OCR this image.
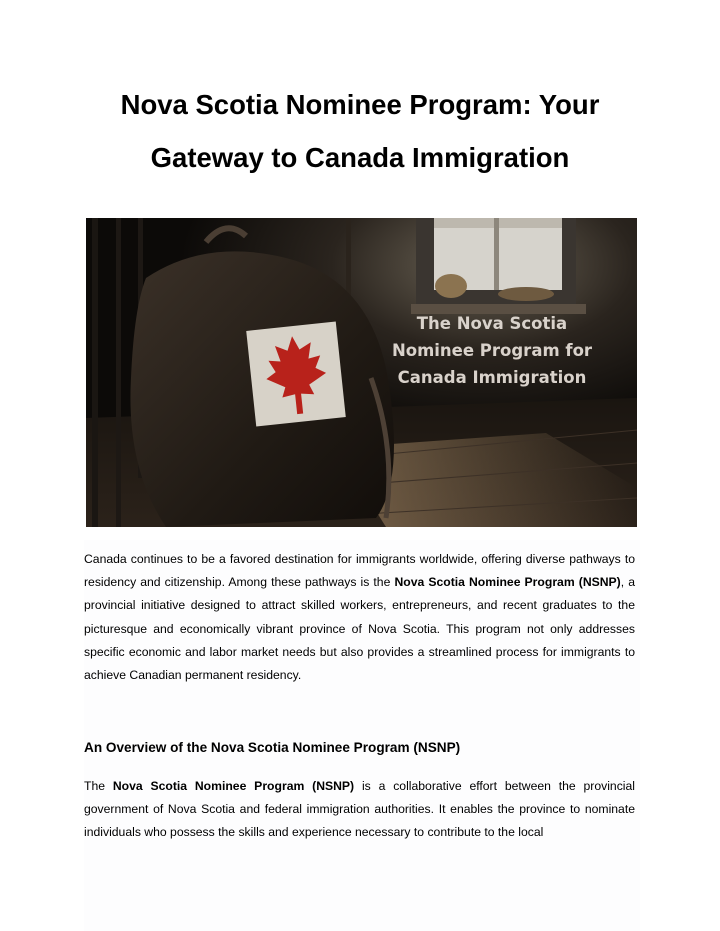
Nova Scotia Nominee Program: Your
Gateway to Canada Immigration
The Nova Scotia
Nominee Program for
Canada Immigration

Canada continues to be a favored destination for immigrants worldwide, offering diverse pathways to residency and citizenship. Among these pathways is the Nova Scotia Nominee Program (NSNP), a provincial initiative designed to attract skilled workers, entrepreneurs, and recent graduates to the picturesque and economically vibrant province of Nova Scotia. This program not only addresses specific economic and labor market needs but also provides a streamlined process for immigrants to achieve Canadian permanent residency.

An Overview of the Nova Scotia Nominee Program (NSNP)

The Nova Scotia Nominee Program (NSNP) is a collaborative effort between the provincial government of Nova Scotia and federal immigration authorities. It enables the province to nominate individuals who possess the skills and experience necessary to contribute to the local
